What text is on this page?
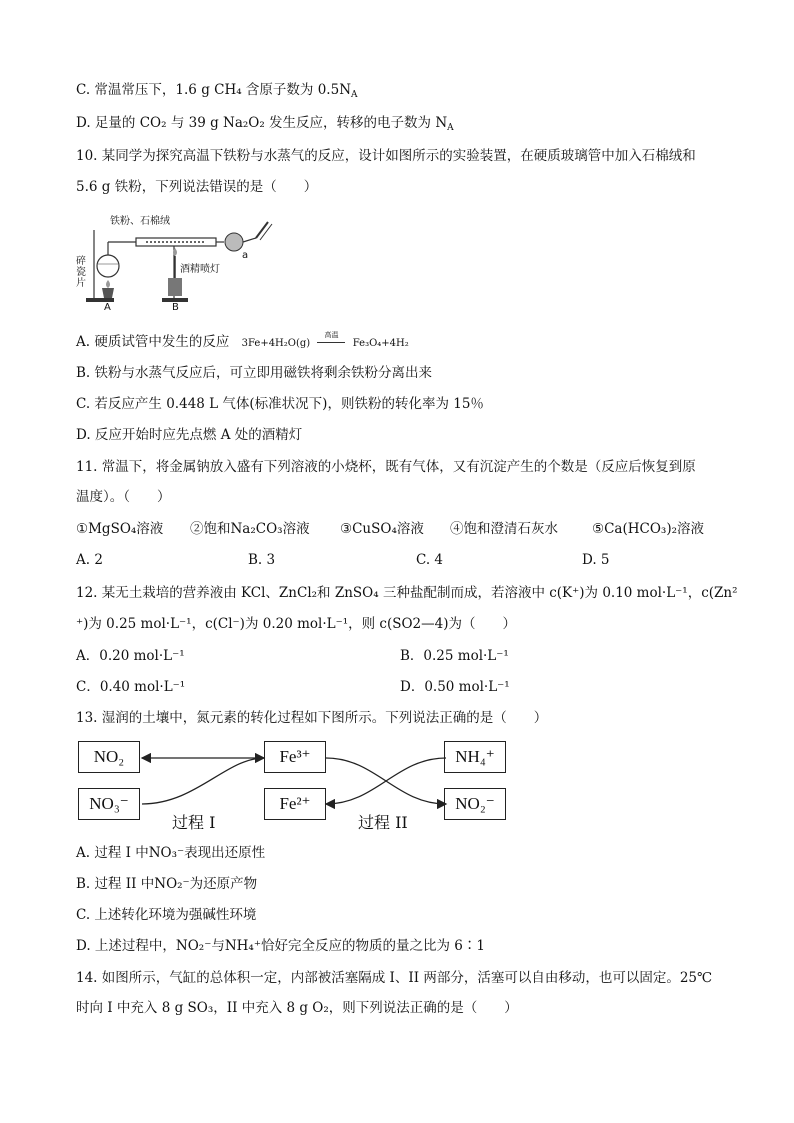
C. 常温常压下，1.6 g CH₄ 含原子数为 $0.5N_A$
D. 足量的 CO₂ 与 39 g Na₂O₂ 发生反应，转移的电子数为 $N_A$
10. 某同学为探究高温下铁粉与水蒸气的反应，设计如图所示的实验装置，在硬质玻璃管中加入石棉绒和
5.6 g 铁粉，下列说法错误的是（　　）
铁粉、石棉绒
酒精喷灯
碎瓷片
A	B
a
A. 硬质试管中发生的反应 3Fe+4H₂O(g)
高温
Fe₃O₄+4H₂
B. 铁粉与水蒸气反应后，可立即用磁铁将剩余铁粉分离出来
C. 若反应产生 0.448 L 气体(标准状况下)，则铁粉的转化率为 15％
D. 反应开始时应先点燃 A 处的酒精灯
11. 常温下，将金属钠放入盛有下列溶液的小烧杯，既有气体，又有沉淀产生的个数是（反应后恢复到原
温度）。（　　）
①MgSO₄溶液 ②饱和Na₂CO₃溶液 ③CuSO₄溶液 ④饱和澄清石灰水	⑤Ca(HCO₃)₂溶液
A. 2	B. 3	C. 4	D. 5
12. 某无土栽培的营养液由 KCl、ZnCl₂和 ZnSO₄ 三种盐配制而成，若溶液中 c(K⁺)为 0.10 mol·L⁻¹，c(Zn²
⁺)为 0.25 mol·L⁻¹，c(Cl⁻)为 0.20 mol·L⁻¹，则 c(SO2—4)为（　　）
A．0.20 mol·L⁻¹	B．0.25 mol·L⁻¹
C．0.40 mol·L⁻¹	D．0.50 mol·L⁻¹
13. 湿润的土壤中，氮元素的转化过程如下图所示。下列说法正确的是（　　）
NO₂
NO₃⁻
Fe³⁺
Fe²⁺
NH₄⁺
NO₂⁻
过程 I	过程 II
A. 过程 I 中NO₃⁻表现出还原性
B. 过程 II 中NO₂⁻为还原产物
C. 上述转化环境为强碱性环境
D. 上述过程中，NO₂⁻与NH₄⁺恰好完全反应的物质的量之比为 6∶1
14. 如图所示，气缸的总体积一定，内部被活塞隔成 I、II 两部分，活塞可以自由移动，也可以固定。25℃
时向 I 中充入 8 g SO₃，II 中充入 8 g O₂，则下列说法正确的是（　　）
